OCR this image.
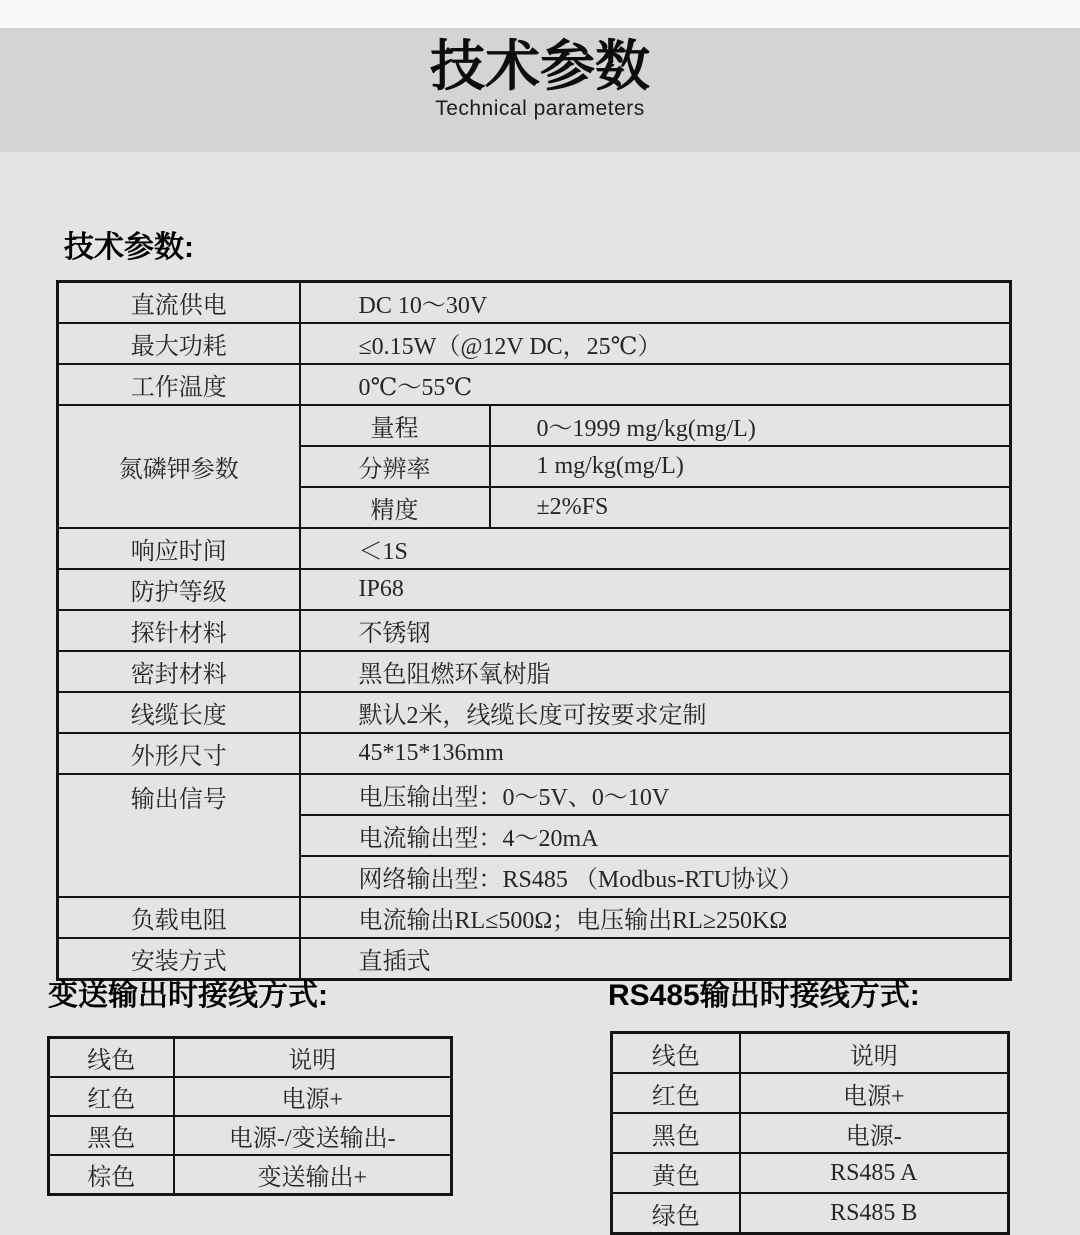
技术参数

Technical parameters

技术参数:
直流供电	DC 10～30V	
最大功耗	≤0.15W（@12V DC，25℃）	
工作温度	0℃～55℃	
氮磷钾参数	量程	0～1999 mg/kg(mg/L)
	分辨率	1 mg/kg(mg/L)
	精度	±2%FS
响应时间	＜1S	
防护等级	IP68	
探针材料	不锈钢	
密封材料	黑色阻燃环氧树脂	
线缆长度	默认2米，线缆长度可按要求定制	
外形尺寸	45*15*136mm	
输出信号	电压输出型：0～5V、0～10V	
	电流输出型：4～20mA	
	网络输出型：RS485 （Modbus-RTU协议）	
负载电阻	电流输出RL≤500Ω；电压输出RL≥250KΩ	
安装方式	直插式	
变送输出时接线方式:	RS485输出时接线方式:
线色	说明
红色	电源+
黑色	电源-/变送输出-
棕色	变送输出+
线色	说明
红色	电源+
黑色	电源-
黄色	RS485 A
绿色	RS485 B
